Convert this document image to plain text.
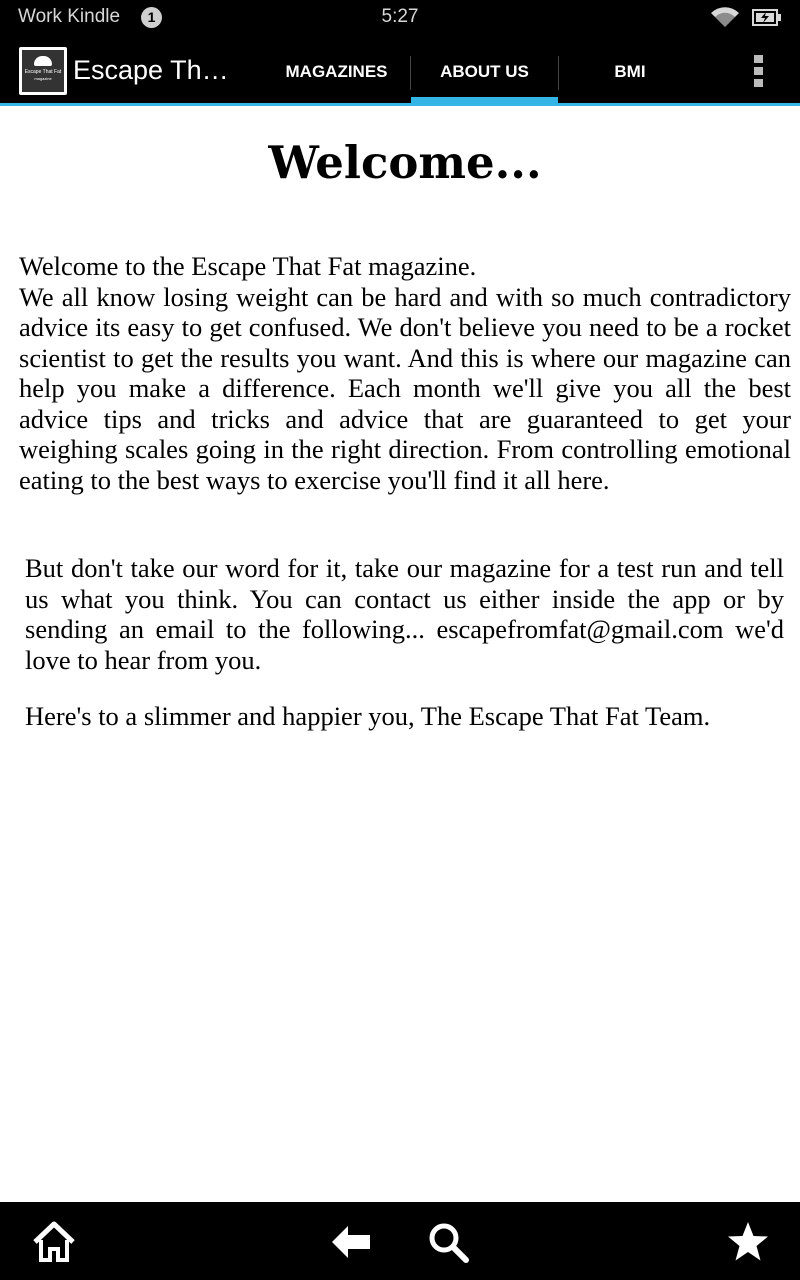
Work Kindle	1	5:27
Escape That Fat
magazine Escape Th…	MAGAZINES	ABOUT US	BMI
Welcome...
Welcome to the Escape That Fat magazine.
We all know losing weight can be hard and with so much contradictory advice its easy to get confused. We don't believe you need to be a rocket scientist to get the results you want. And this is where our magazine can help you make a difference. Each month we'll give you all the best advice tips and tricks and advice that are guaranteed to get your weighing scales going in the right direction. From controlling emotional eating to the best ways to exercise you'll find it all here.
But don't take our word for it, take our magazine for a test run and tell us what you think. You can contact us either inside the app or by sending an email to the following... escapefromfat@gmail.com we'd love to hear from you.
Here's to a slimmer and happier you, The Escape That Fat Team.
